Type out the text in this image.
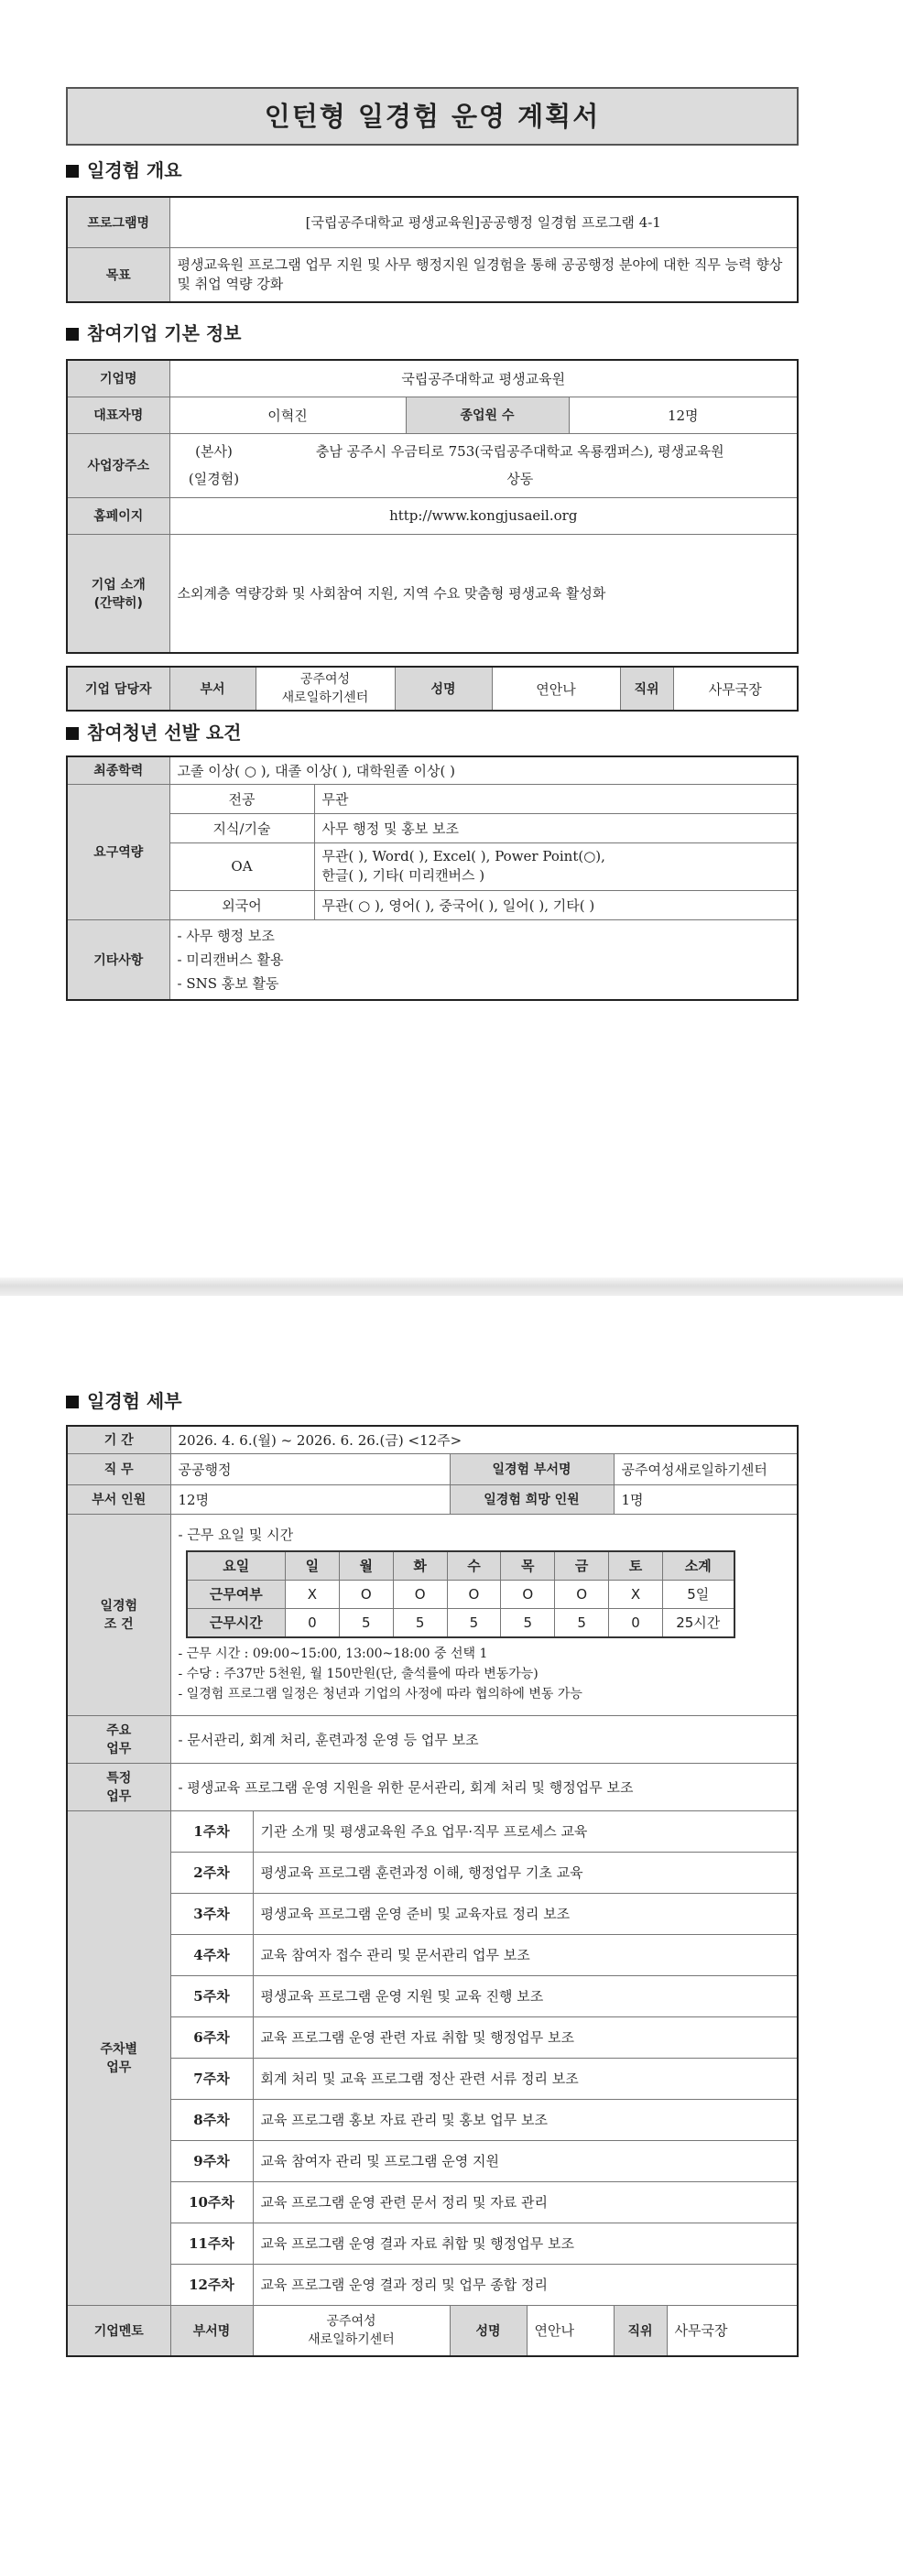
인턴형 일경험 운영 계획서
일경험 개요
프로그램명	[국립공주대학교 평생교육원]공공행정 일경험 프로그램 4-1
목표	평생교육원 프로그램 업무 지원 및 사무 행정지원 일경험을 통해 공공행정 분야에 대한 직무 능력 향상 및 취업 역량 강화
참여기업 기본 정보
기업명	국립공주대학교 평생교육원		
대표자명	이혁진	종업원 수	12명
사업장주소	(본사) 충남 공주시 우금티로 753(국립공주대학교 옥룡캠퍼스), 평생교육원
(일경험) 상동		

홈페이지	http://www.kongjusaeil.org		
기업 소개
(간략히)	소외계층 역량강화 및 사회참여 지원, 지역 수요 맞춤형 평생교육 활성화		
기업 담당자	부서	공주여성
새로일하기센터	성명	연안나	직위	사무국장
참여청년 선발 요건
최종학력	고졸 이상( ○ ), 대졸 이상( ), 대학원졸 이상( )	
요구역량	전공	무관
	지식/기술	사무 행정 및 홍보 보조
	OA	무관( ), Word( ), Excel( ), Power Point(○),
한글( ), 기타( 미리캔버스 )
	외국어	무관( ○ ), 영어( ), 중국어( ), 일어( ), 기타( )
기타사항	- 사무 행정 보조
- 미리캔버스 활용
- SNS 홍보 활동	
일경험 세부
기 간	2026. 4. 6.(월) ~ 2026. 6. 26.(금) <12주>
직 무	공공행정	일경험 부서명	공주여성새로일하기센터
부서 인원	12명	일경험 희망 인원	1명
일경험
조 건	
- 근무 요일 및 시간
요일	일	월	화	수	목	금	토	소계
근무여부	X	O	O	O	O	O	X	5일
근무시간	0	5	5	5	5	5	0	25시간
- 근무 시간 : 09:00~15:00, 13:00~18:00 중 선택 1
- 수당 : 주37만 5천원, 월 150만원(단, 출석률에 따라 변동가능)
- 일경험 프로그램 일정은 청년과 기업의 사정에 따라 협의하에 변동 가능

주요
업무	- 문서관리, 회계 처리, 훈련과정 운영 등 업무 보조
특정
업무	- 평생교육 프로그램 운영 지원을 위한 문서관리, 회계 처리 및 행정업무 보조
주차별
업무	1주차	기관 소개 및 평생교육원 주요 업무·직무 프로세스 교육
2주차	평생교육 프로그램 훈련과정 이해, 행정업무 기초 교육
3주차	평생교육 프로그램 운영 준비 및 교육자료 정리 보조
4주차	교육 참여자 접수 관리 및 문서관리 업무 보조
5주차	평생교육 프로그램 운영 지원 및 교육 진행 보조
6주차	교육 프로그램 운영 관련 자료 취합 및 행정업무 보조
7주차	회계 처리 및 교육 프로그램 정산 관련 서류 정리 보조
8주차	교육 프로그램 홍보 자료 관리 및 홍보 업무 보조
9주차	교육 참여자 관리 및 프로그램 운영 지원
10주차	교육 프로그램 운영 관련 문서 정리 및 자료 관리
11주차	교육 프로그램 운영 결과 자료 취합 및 행정업무 보조
12주차	교육 프로그램 운영 결과 정리 및 업무 종합 정리
기업멘토	부서명	공주여성
새로일하기센터	성명	연안나	직위	사무국장
